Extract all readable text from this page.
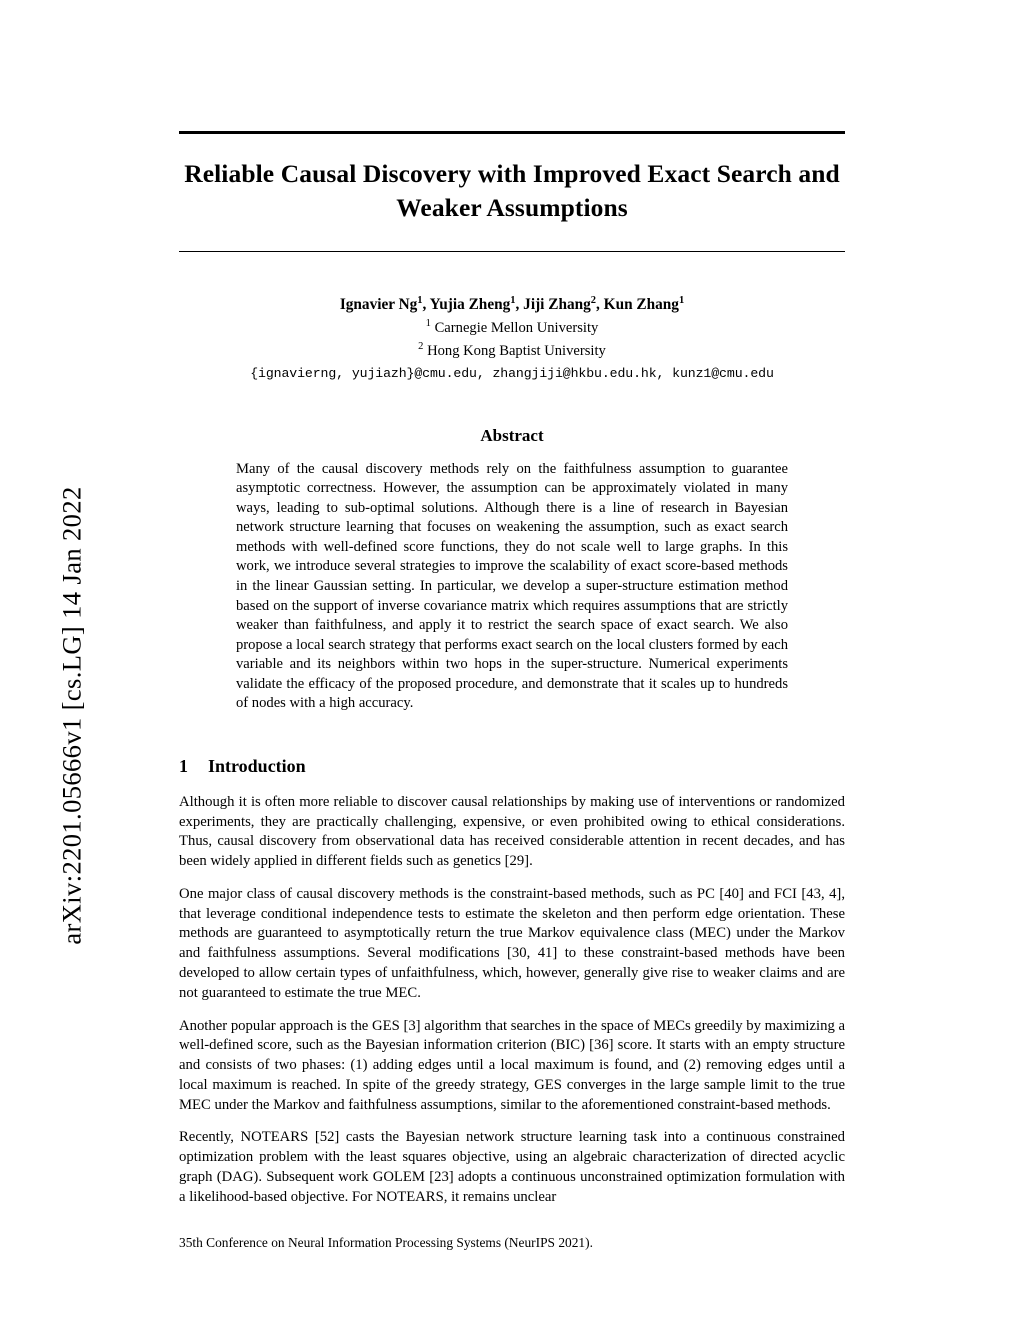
arXiv:2201.05666v1 [cs.LG] 14 Jan 2022
Reliable Causal Discovery with Improved Exact Search and Weaker Assumptions
Ignavier Ng$^1$, Yujia Zheng$^1$, Jiji Zhang$^2$, Kun Zhang$^1$
$^1$ Carnegie Mellon University
$^2$ Hong Kong Baptist University
{ignavierng, yujiazh}@cmu.edu, zhangjiji@hkbu.edu.hk, kunz1@cmu.edu
Abstract
Many of the causal discovery methods rely on the faithfulness assumption to guarantee asymptotic correctness. However, the assumption can be approximately violated in many ways, leading to sub-optimal solutions. Although there is a line of research in Bayesian network structure learning that focuses on weakening the assumption, such as exact search methods with well-defined score functions, they do not scale well to large graphs. In this work, we introduce several strategies to improve the scalability of exact score-based methods in the linear Gaussian setting. In particular, we develop a super-structure estimation method based on the support of inverse covariance matrix which requires assumptions that are strictly weaker than faithfulness, and apply it to restrict the search space of exact search. We also propose a local search strategy that performs exact search on the local clusters formed by each variable and its neighbors within two hops in the super-structure. Numerical experiments validate the efficacy of the proposed procedure, and demonstrate that it scales up to hundreds of nodes with a high accuracy.
1 Introduction
Although it is often more reliable to discover causal relationships by making use of interventions or randomized experiments, they are practically challenging, expensive, or even prohibited owing to ethical considerations. Thus, causal discovery from observational data has received considerable attention in recent decades, and has been widely applied in different fields such as genetics [29].
One major class of causal discovery methods is the constraint-based methods, such as PC [40] and FCI [43, 4], that leverage conditional independence tests to estimate the skeleton and then perform edge orientation. These methods are guaranteed to asymptotically return the true Markov equivalence class (MEC) under the Markov and faithfulness assumptions. Several modifications [30, 41] to these constraint-based methods have been developed to allow certain types of unfaithfulness, which, however, generally give rise to weaker claims and are not guaranteed to estimate the true MEC.
Another popular approach is the GES [3] algorithm that searches in the space of MECs greedily by maximizing a well-defined score, such as the Bayesian information criterion (BIC) [36] score. It starts with an empty structure and consists of two phases: (1) adding edges until a local maximum is found, and (2) removing edges until a local maximum is reached. In spite of the greedy strategy, GES converges in the large sample limit to the true MEC under the Markov and faithfulness assumptions, similar to the aforementioned constraint-based methods.
Recently, NOTEARS [52] casts the Bayesian network structure learning task into a continuous constrained optimization problem with the least squares objective, using an algebraic characterization of directed acyclic graph (DAG). Subsequent work GOLEM [23] adopts a continuous unconstrained optimization formulation with a likelihood-based objective. For NOTEARS, it remains unclear
35th Conference on Neural Information Processing Systems (NeurIPS 2021).
